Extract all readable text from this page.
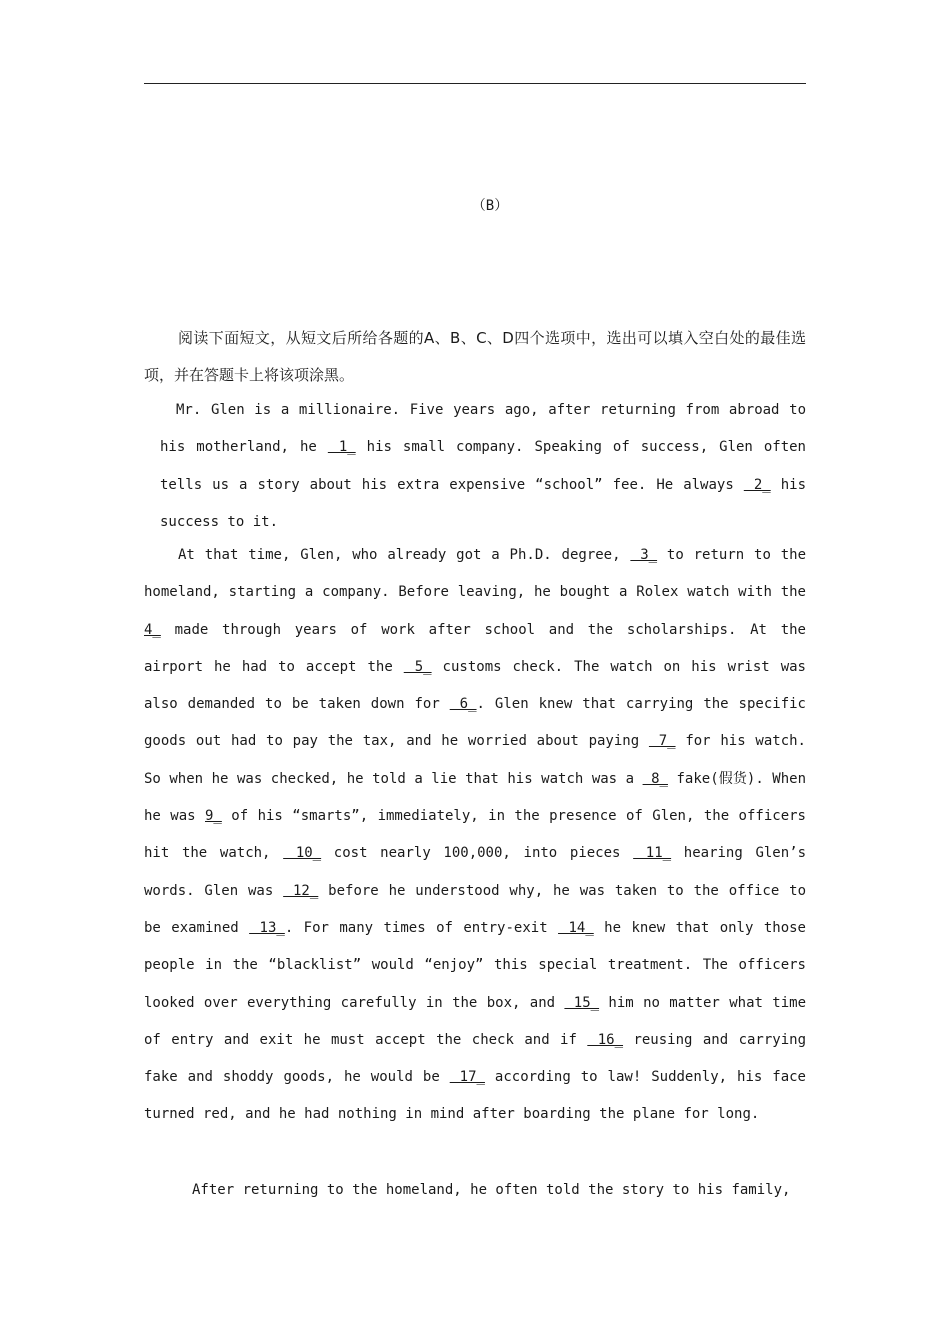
（B）

阅读下面短文，从短文后所给各题的A、B、C、D四个选项中，选出可以填入空白处的最佳选项，并在答题卡上将该项涂黑。

Mr. Glen is a millionaire. Five years ago, after returning from abroad to his motherland, he  1_ his small company. Speaking of success, Glen often tells us a story about his extra expensive “school” fee. He always  2_ his success to it.

At that time, Glen, who already got a Ph.D. degree,  3_ to return to the homeland, starting a company. Before leaving, he bought a Rolex watch with the 4_ made through years of work after school and the scholarships. At the airport he had to accept the  5_ customs check. The watch on his wrist was also demanded to be taken down for  6_. Glen knew that carrying the specific goods out had to pay the tax, and he worried about paying  7_ for his watch. So when he was checked, he told a lie that his watch was a  8_ fake(假货). When he was 9_ of his “smarts”, immediately, in the presence of Glen, the officers hit the watch,  10_ cost nearly 100,000, into pieces  11_ hearing Glen’s words. Glen was  12_ before he understood why, he was taken to the office to be examined  13_. For many times of entry-exit  14_ he knew that only those people in the “blacklist” would “enjoy” this special treatment. The officers looked over everything carefully in the box, and  15_ him no matter what time of entry and exit he must accept the check and if  16_ reusing and carrying fake and shoddy goods, he would be  17_ according to law! Suddenly, his face turned red, and he had nothing in mind after boarding the plane for long.

After returning to the homeland, he often told the story to his family,
